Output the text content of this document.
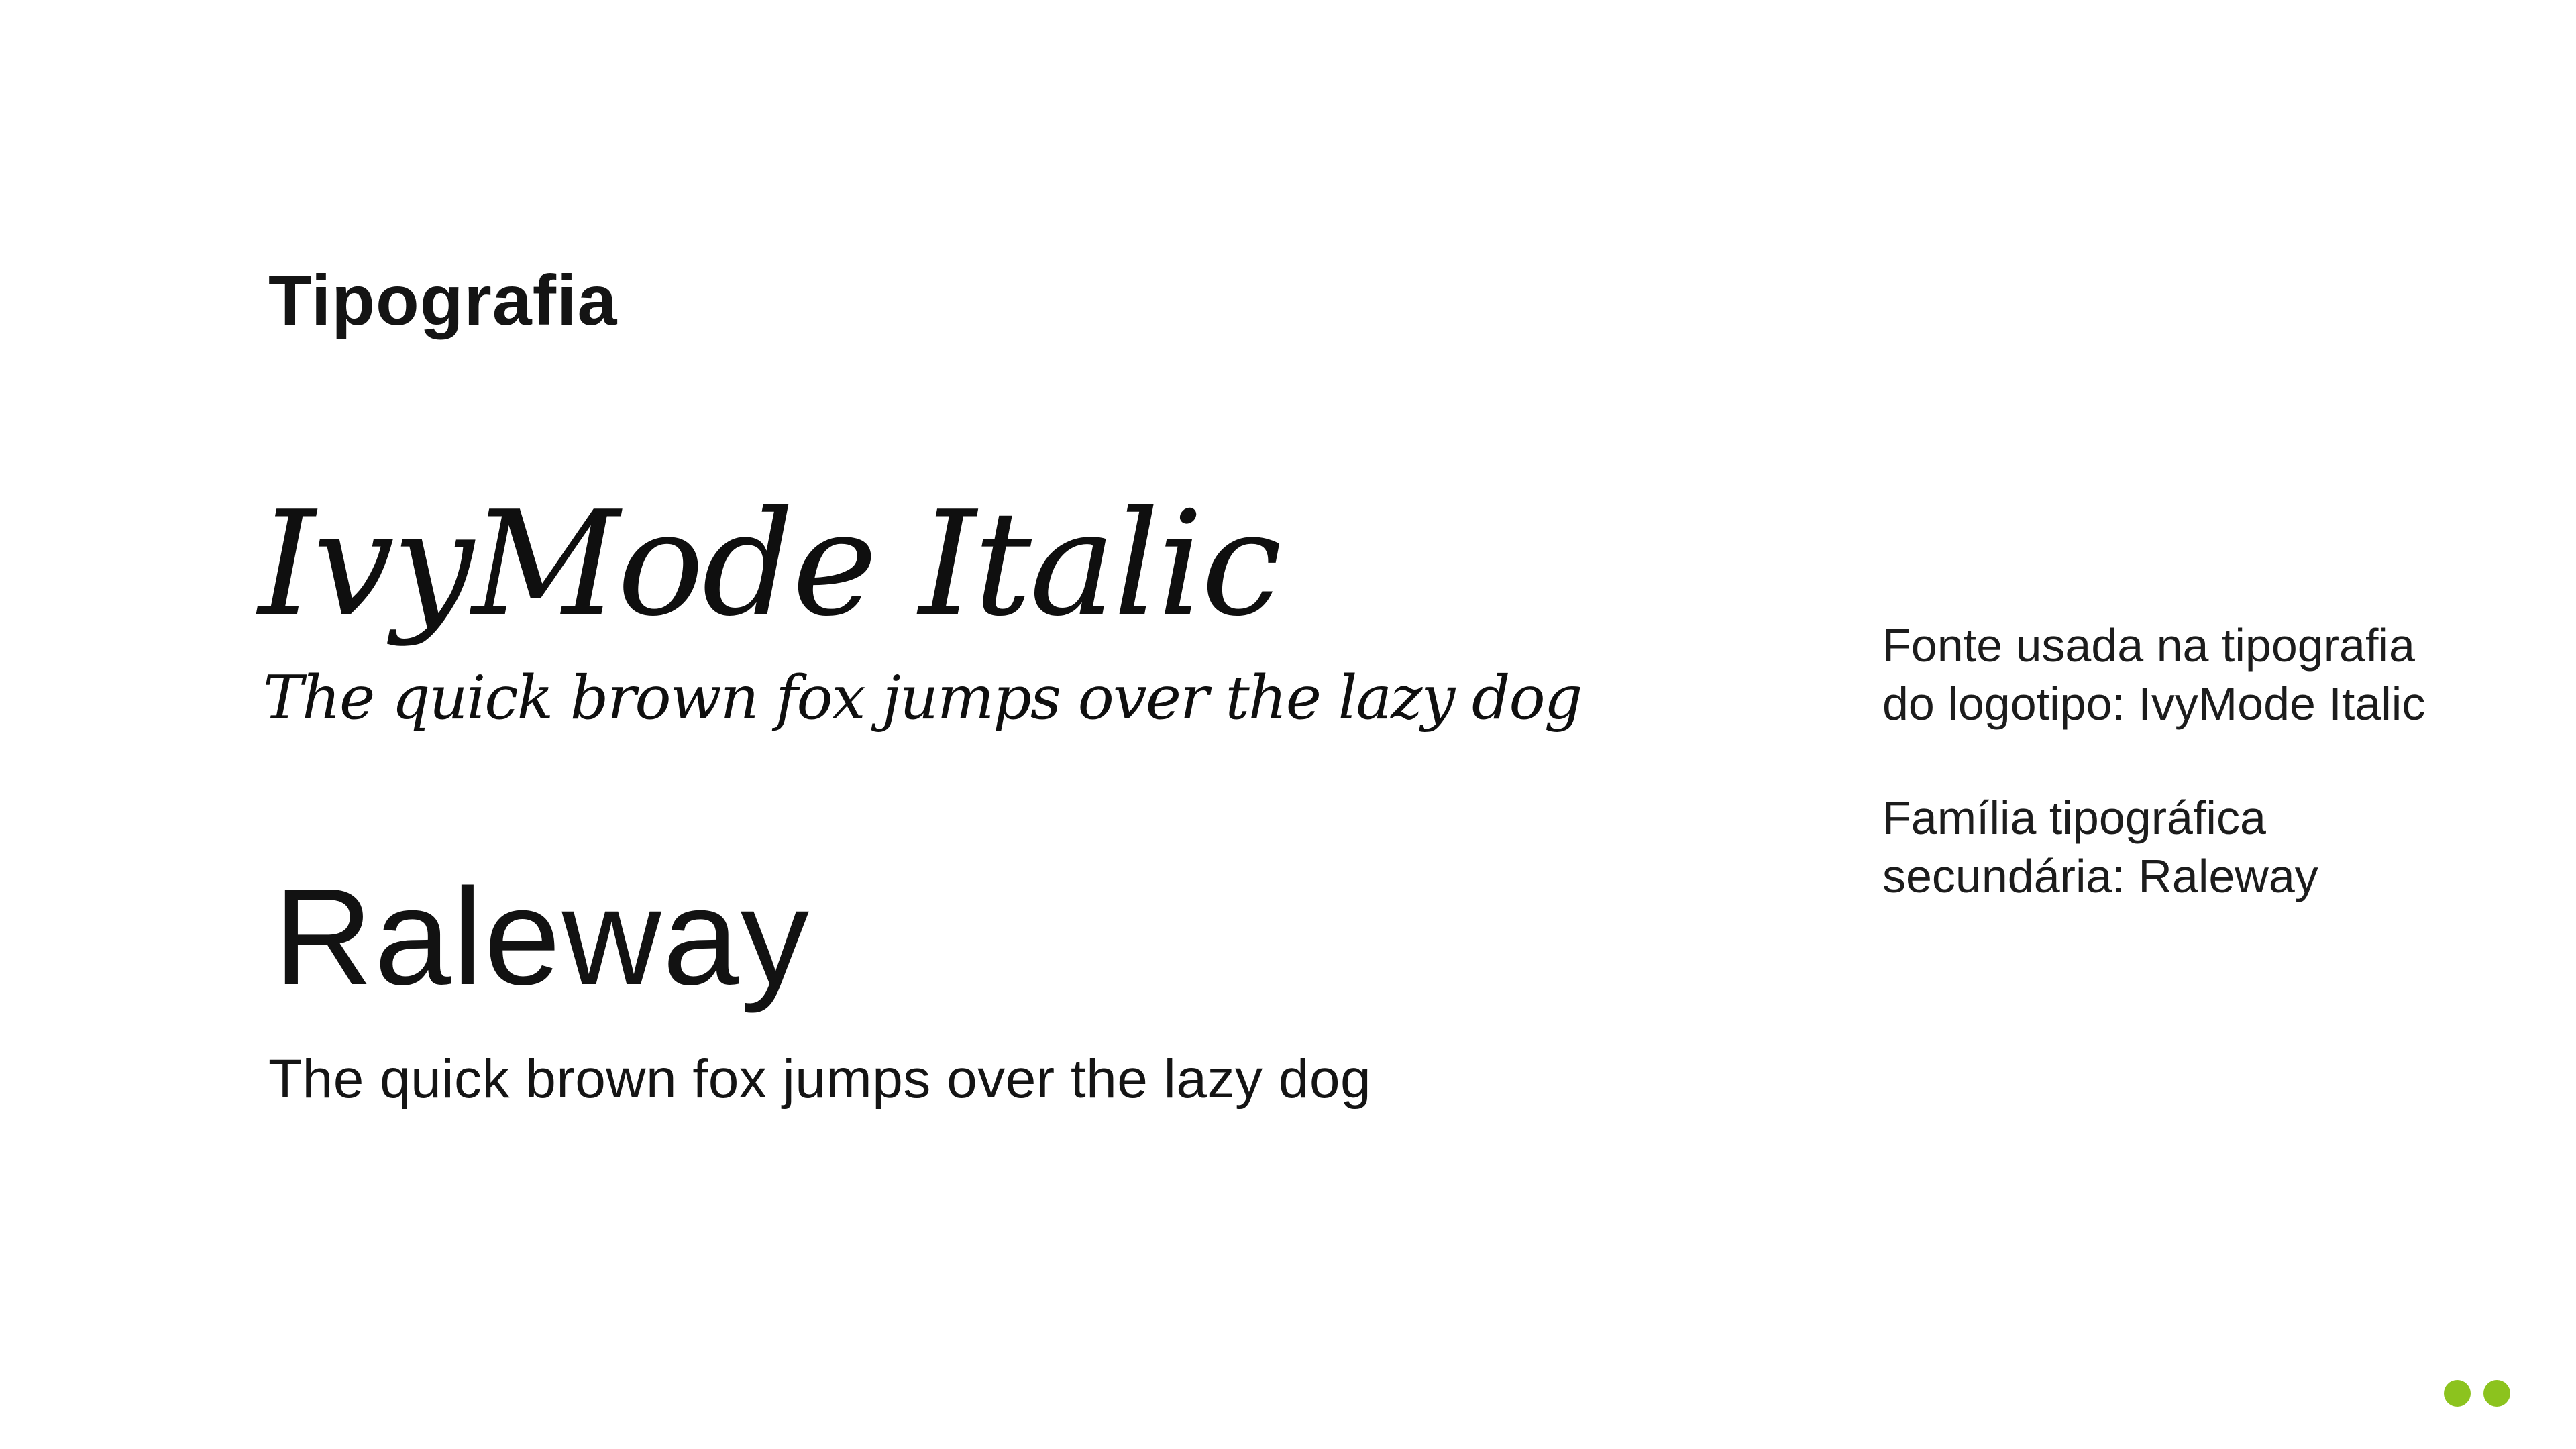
Tipografia
IvyMode Italic
The quick brown fox jumps over the lazy dog
Raleway
The quick brown fox jumps over the lazy dog

Fonte usada na tipografia
do logotipo: IvyMode Italic

Família tipográfica
secundária: Raleway
